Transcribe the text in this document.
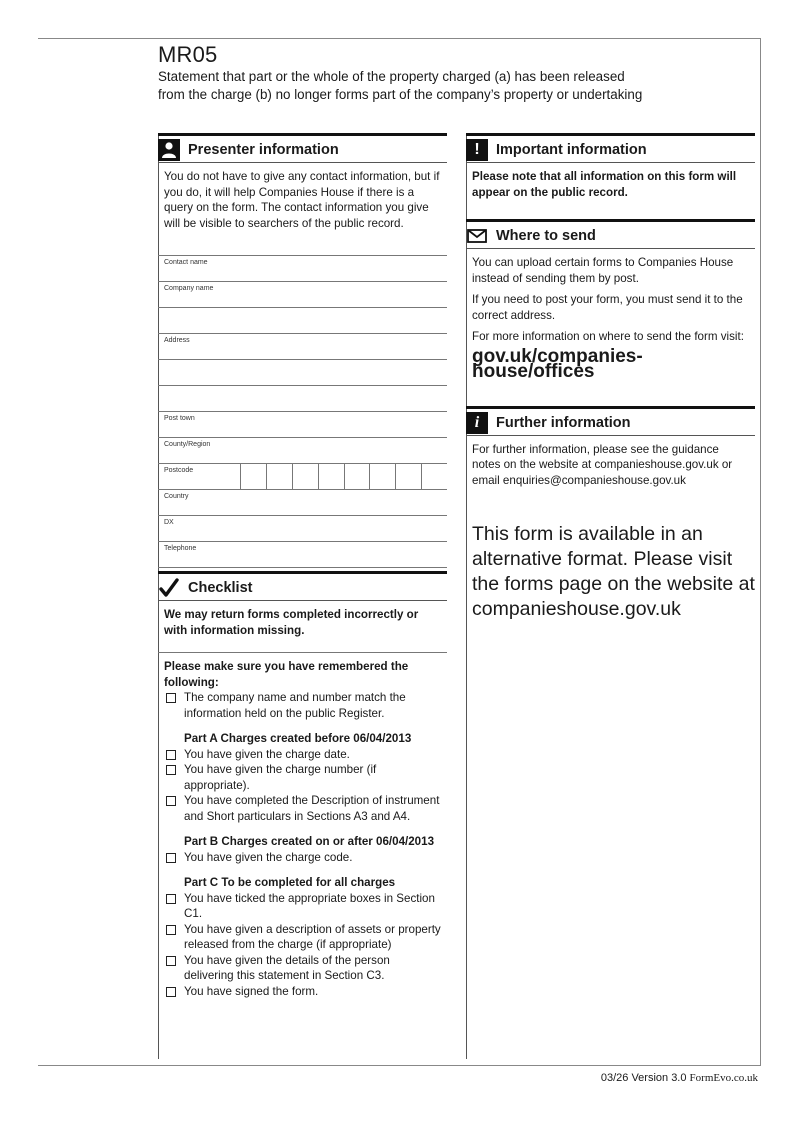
MR05
Statement that part or the whole of the property charged (a) has been released
from the charge (b) no longer forms part of the company’s property or undertaking
Presenter information

You do not have to give any contact information, but if you do, it will help Companies House if there is a query on the form. The contact information you give will be visible to searchers of the public record.

Contact name
Company name
Address
Post town
County/Region
Postcode
Country
DX
Telephone
Checklist
We may return forms completed incorrectly or with information missing.
Please make sure you have remembered the following:
The company name and number match the information held on the public Register.
Part A Charges created before 06/04/2013
You have given the charge date.
You have given the charge number (if appropriate).
You have completed the Description of instrument and Short particulars in Sections A3 and A4.
Part B Charges created on or after 06/04/2013
You have given the charge code.
Part C To be completed for all charges
You have ticked the appropriate boxes in Section C1.
You have given a description of assets or property released from the charge (if appropriate)
You have given the details of the person delivering this statement in Section C3.
You have signed the form.
!	Important information

Please note that all information on this form will appear on the public record.

Where to send

You can upload certain forms to Companies House instead of sending them by post.

If you need to post your form, you must send it to the correct address.

For more information on where to send the form visit:

gov.uk/companies-house/offices
i	Further information

For further information, please see the guidance notes on the website at companieshouse.gov.uk or email enquiries@companieshouse.gov.uk

This form is available in an alternative format. Please visit the forms page on the website at companieshouse.gov.uk
03/26 Version 3.0 FormEvo.co.uk
